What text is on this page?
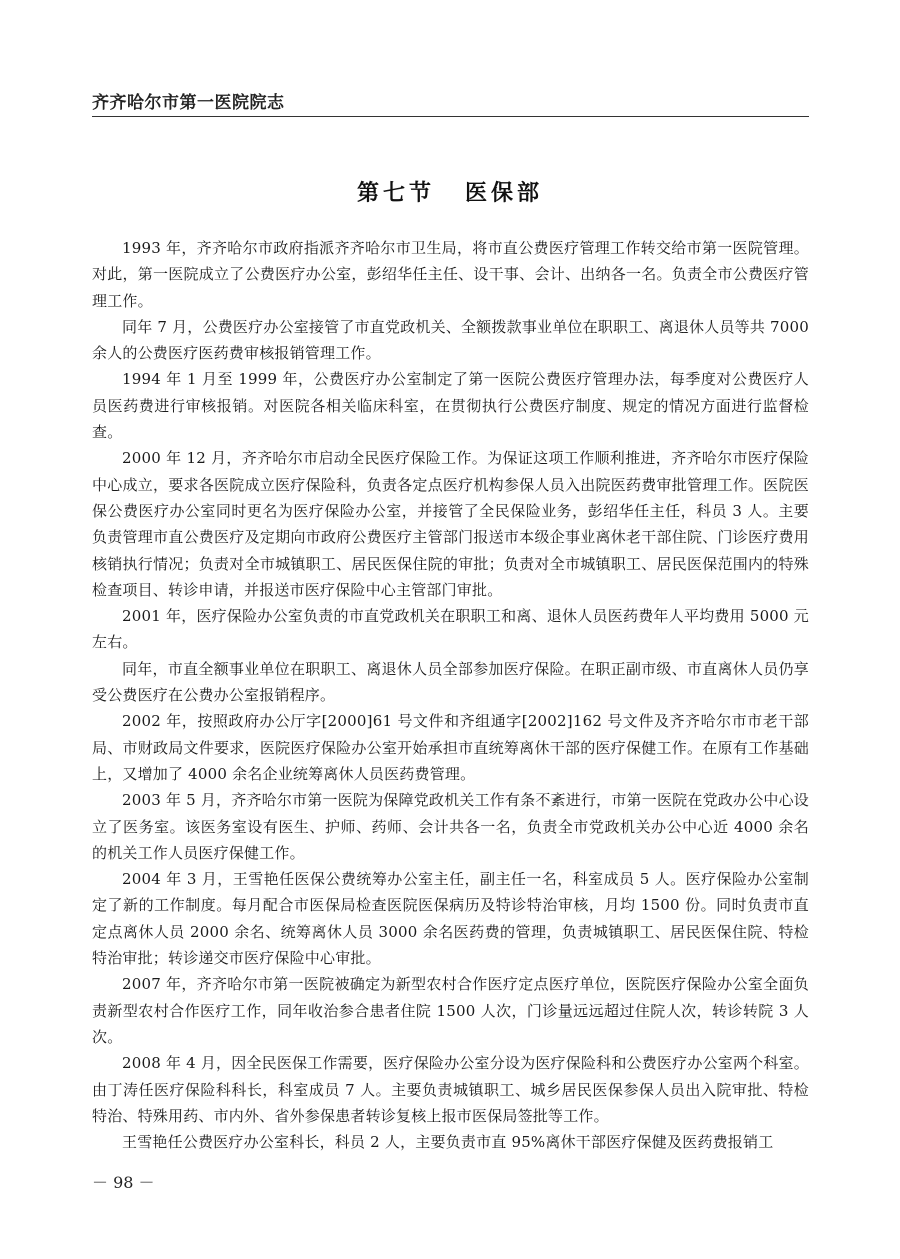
齐齐哈尔市第一医院院志
第七节 医保部

1993 年，齐齐哈尔市政府指派齐齐哈尔市卫生局，将市直公费医疗管理工作转交给市第一医院管理。对此，第一医院成立了公费医疗办公室，彭绍华任主任、设干事、会计、出纳各一名。负责全市公费医疗管理工作。

同年 7 月，公费医疗办公室接管了市直党政机关、全额拨款事业单位在职职工、离退休人员等共 7000 余人的公费医疗医药费审核报销管理工作。

1994 年 1 月至 1999 年，公费医疗办公室制定了第一医院公费医疗管理办法，每季度对公费医疗人员医药费进行审核报销。对医院各相关临床科室，在贯彻执行公费医疗制度、规定的情况方面进行监督检查。

2000 年 12 月，齐齐哈尔市启动全民医疗保险工作。为保证这项工作顺利推进，齐齐哈尔市医疗保险中心成立，要求各医院成立医疗保险科，负责各定点医疗机构参保人员入出院医药费审批管理工作。医院医保公费医疗办公室同时更名为医疗保险办公室，并接管了全民保险业务，彭绍华任主任，科员 3 人。主要负责管理市直公费医疗及定期向市政府公费医疗主管部门报送市本级企事业离休老干部住院、门诊医疗费用核销执行情况；负责对全市城镇职工、居民医保住院的审批；负责对全市城镇职工、居民医保范围内的特殊检查项目、转诊申请，并报送市医疗保险中心主管部门审批。

2001 年，医疗保险办公室负责的市直党政机关在职职工和离、退休人员医药费年人平均费用 5000 元左右。

同年，市直全额事业单位在职职工、离退休人员全部参加医疗保险。在职正副市级、市直离休人员仍享受公费医疗在公费办公室报销程序。

2002 年，按照政府办公厅字[2000]61 号文件和齐组通字[2002]162 号文件及齐齐哈尔市市老干部局、市财政局文件要求，医院医疗保险办公室开始承担市直统筹离休干部的医疗保健工作。在原有工作基础上，又增加了 4000 余名企业统筹离休人员医药费管理。

2003 年 5 月，齐齐哈尔市第一医院为保障党政机关工作有条不紊进行，市第一医院在党政办公中心设立了医务室。该医务室设有医生、护师、药师、会计共各一名，负责全市党政机关办公中心近 4000 余名的机关工作人员医疗保健工作。

2004 年 3 月，王雪艳任医保公费统筹办公室主任，副主任一名，科室成员 5 人。医疗保险办公室制定了新的工作制度。每月配合市医保局检查医院医保病历及特诊特治审核，月均 1500 份。同时负责市直定点离休人员 2000 余名、统筹离休人员 3000 余名医药费的管理，负责城镇职工、居民医保住院、特检特治审批；转诊递交市医疗保险中心审批。

2007 年，齐齐哈尔市第一医院被确定为新型农村合作医疗定点医疗单位，医院医疗保险办公室全面负责新型农村合作医疗工作，同年收治参合患者住院 1500 人次，门诊量远远超过住院人次，转诊转院 3 人次。

2008 年 4 月，因全民医保工作需要，医疗保险办公室分设为医疗保险科和公费医疗办公室两个科室。由丁涛任医疗保险科科长，科室成员 7 人。主要负责城镇职工、城乡居民医保参保人员出入院审批、特检特治、特殊用药、市内外、省外参保患者转诊复核上报市医保局签批等工作。

王雪艳任公费医疗办公室科长，科员 2 人，主要负责市直 95%离休干部医疗保健及医药费报销工

－ 98 －
